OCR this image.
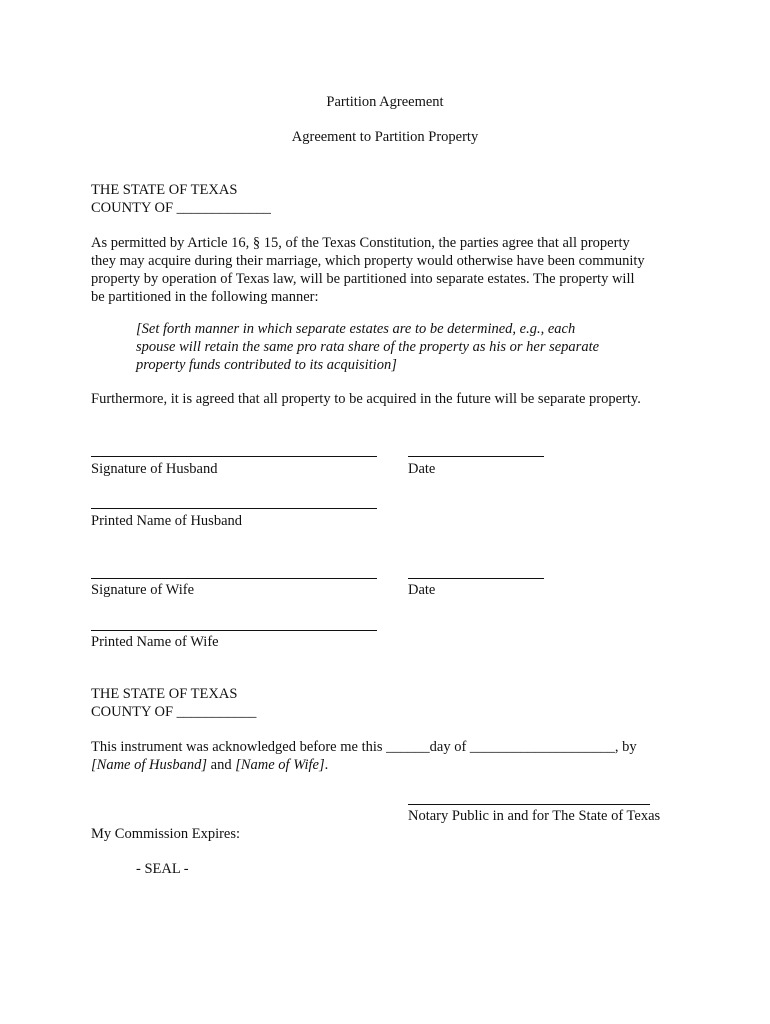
Partition Agreement
Agreement to Partition Property
THE STATE OF TEXAS
COUNTY OF _____________
As permitted by Article 16, § 15, of the Texas Constitution, the parties agree that all property
they may acquire during their marriage, which property would otherwise have been community
property by operation of Texas law, will be partitioned into separate estates. The property will
be partitioned in the following manner:
[Set forth manner in which separate estates are to be determined, e.g., each
spouse will retain the same pro rata share of the property as his or her separate
property funds contributed to its acquisition]
Furthermore, it is agreed that all property to be acquired in the future will be separate property.
Signature of Husband	Date
Printed Name of Husband
Signature of Wife	Date
Printed Name of Wife
THE STATE OF TEXAS
COUNTY OF ___________
This instrument was acknowledged before me this ______day of ____________________, by
[Name of Husband] and [Name of Wife].
Notary Public in and for The State of Texas
My Commission Expires:
- SEAL -
